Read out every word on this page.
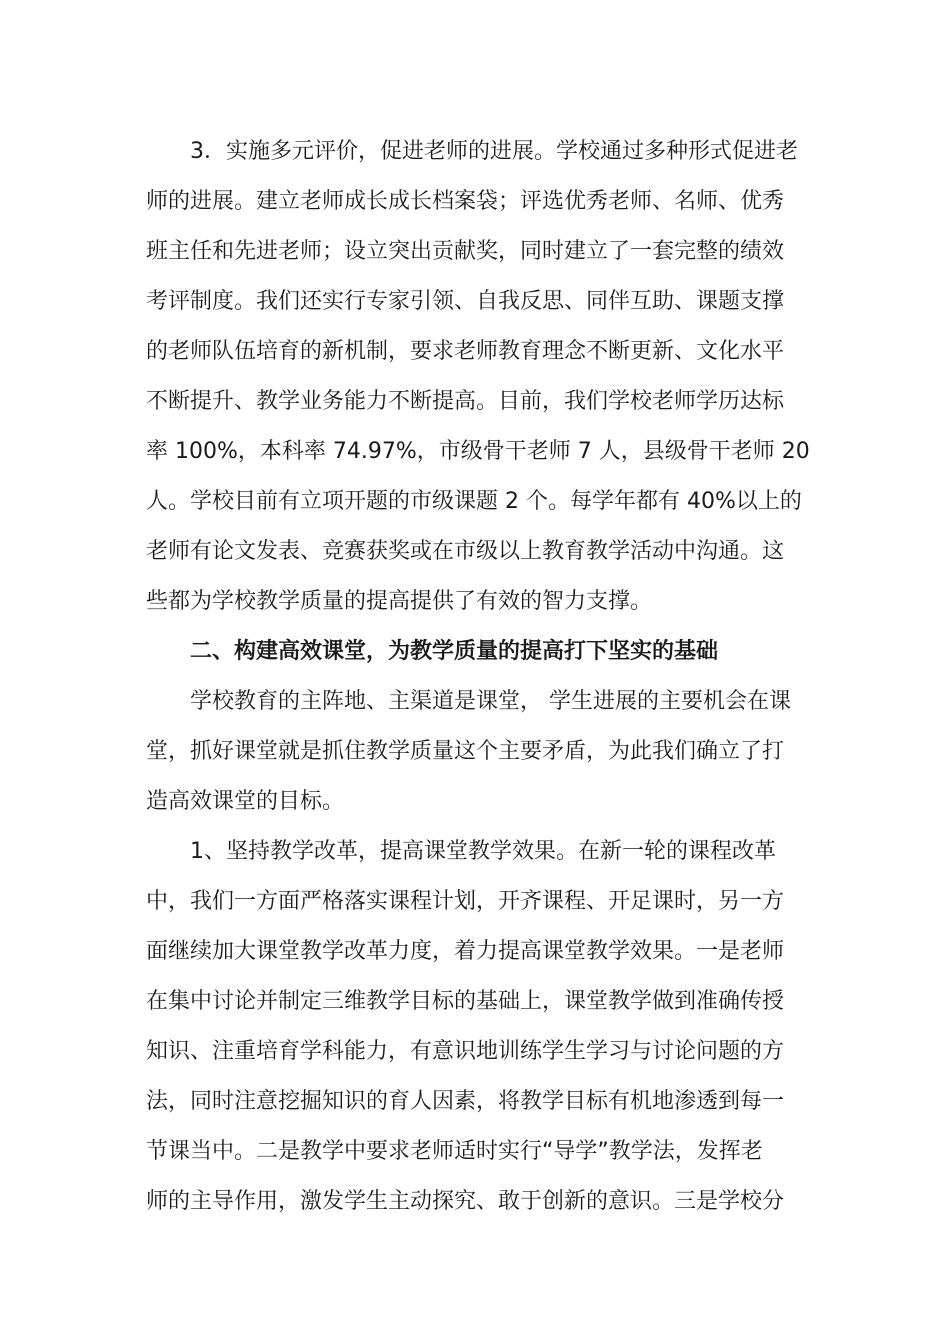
3．实施多元评价，促进老师的进展。学校通过多种形式促进老
师的进展。建立老师成长成长档案袋；评选优秀老师、名师、优秀
班主任和先进老师；设立突出贡献奖，同时建立了一套完整的绩效
考评制度。我们还实行专家引领、自我反思、同伴互助、课题支撑
的老师队伍培育的新机制，要求老师教育理念不断更新、文化水平
不断提升、教学业务能力不断提高。目前，我们学校老师学历达标
率 100%，本科率 74.97%，市级骨干老师 7 人，县级骨干老师 20
人。学校目前有立项开题的市级课题 2 个。每学年都有 40%以上的
老师有论文发表、竞赛获奖或在市级以上教育教学活动中沟通。这
些都为学校教学质量的提高提供了有效的智力支撑。
二、构建高效课堂，为教学质量的提高打下坚实的基础
学校教育的主阵地、主渠道是课堂， 学生进展的主要机会在课
堂，抓好课堂就是抓住教学质量这个主要矛盾，为此我们确立了打
造高效课堂的目标。
1、坚持教学改革，提高课堂教学效果。在新一轮的课程改革
中，我们一方面严格落实课程计划，开齐课程、开足课时，另一方
面继续加大课堂教学改革力度，着力提高课堂教学效果。一是老师
在集中讨论并制定三维教学目标的基础上，课堂教学做到准确传授
知识、注重培育学科能力，有意识地训练学生学习与讨论问题的方
法，同时注意挖掘知识的育人因素，将教学目标有机地渗透到每一
节课当中。二是教学中要求老师适时实行“导学”教学法，发挥老
师的主导作用，激发学生主动探究、敢于创新的意识。三是学校分
